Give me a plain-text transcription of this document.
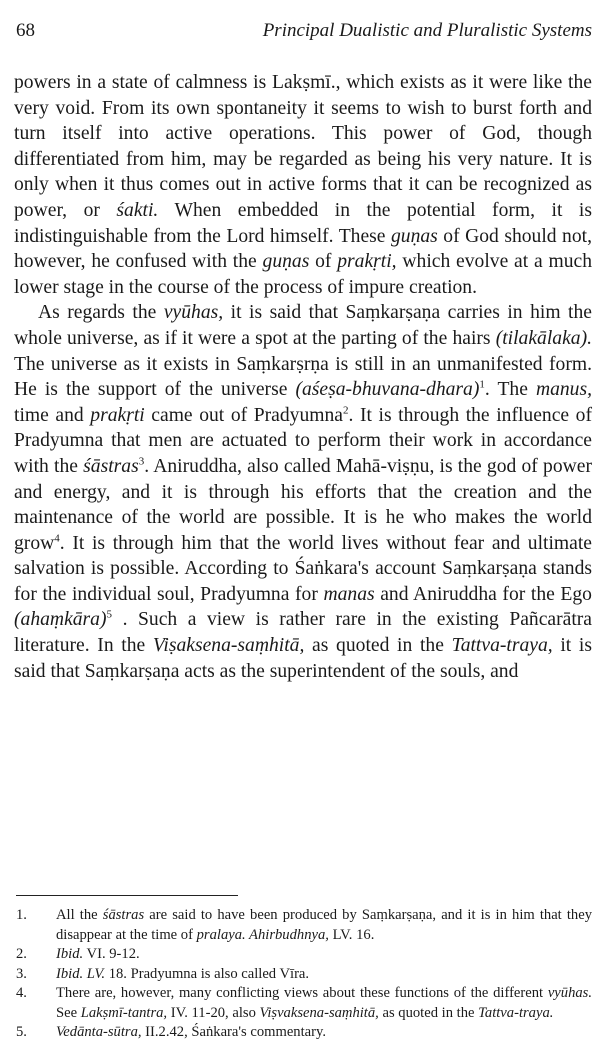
68	Principal Dualistic and Pluralistic Systems

powers in a state of calmness is Lakṣmī., which exists as it were like the very void. From its own spontaneity it seems to wish to burst forth and turn itself into active operations. This power of God, though differentiated from him, may be regarded as being his very nature. It is only when it thus comes out in active forms that it can be recognized as power, or śakti. When embedded in the potential form, it is indistinguishable from the Lord himself. These guṇas of God should not, however, he confused with the guṇas of prakṛti, which evolve at a much lower stage in the course of the process of impure creation.

As regards the vyūhas, it is said that Saṃkarṣaṇa carries in him the whole universe, as if it were a spot at the parting of the hairs (tilakālaka). The universe as it exists in Saṃkarṣrṇa is still in an unmanifested form. He is the support of the universe (aśeṣa-bhuvana-dhara)$^1$. The manus, time and prakṛti came out of Pradyumna$^2$. It is through the influence of Pradyumna that men are actuated to perform their work in accordance with the śāstras$^3$. Aniruddha, also called Mahā-viṣṇu, is the god of power and energy, and it is through his efforts that the creation and the maintenance of the world are possible. It is he who makes the world grow$^4$. It is through him that the world lives without fear and ultimate salvation is possible. According to Śaṅkara's account Saṃkarṣaṇa stands for the individual soul, Pradyumna for manas and Aniruddha for the Ego (ahaṃkāra)$^5$ . Such a view is rather rare in the existing Pañcarātra literature. In the Viṣaksena-saṃhitā, as quoted in the Tattva-traya, it is said that Saṃkarṣaṇa acts as the superintendent of the souls, and

1. All the śāstras are said to have been produced by Saṃkarṣaṇa, and it is in him that they disappear at the time of pralaya. Ahirbudhnya, LV. 16.
2. Ibid. VI. 9-12.
3. Ibid. LV. 18. Pradyumna is also called Vīra.
4. There are, however, many conflicting views about these functions of the different vyūhas. See Lakṣmī-tantra, IV. 11-20, also Viṣvaksena-saṃhitā, as quoted in the Tattva-traya.
5. Vedānta-sūtra, II.2.42, Śaṅkara's commentary.
